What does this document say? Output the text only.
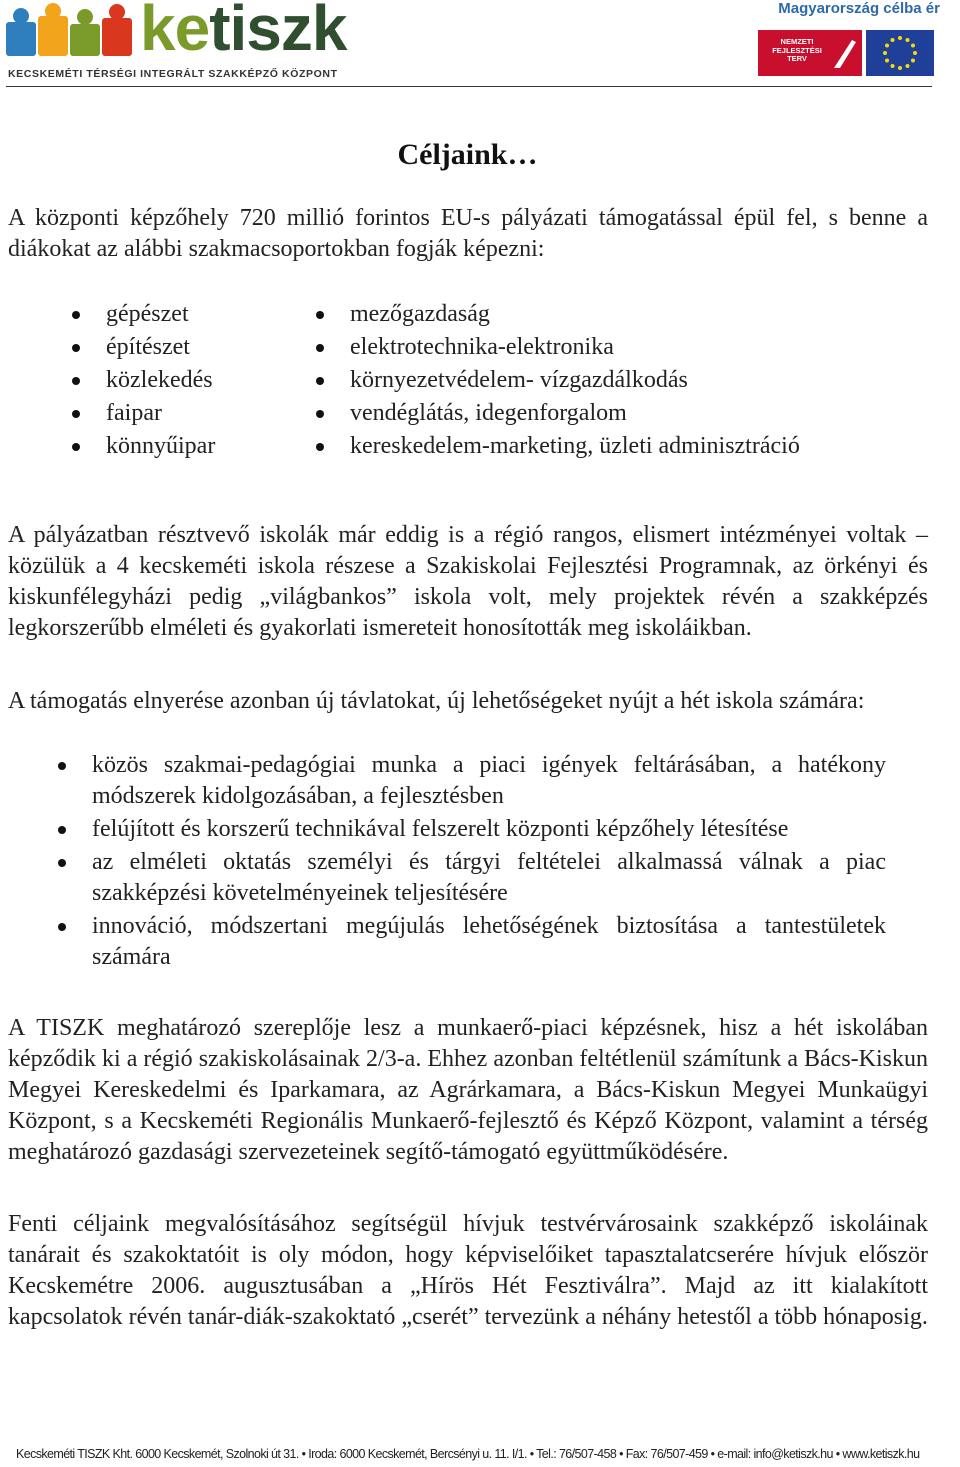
ketiszk
KECSKEMÉTI TÉRSÉGI INTEGRÁLT SZAKKÉPZŐ KÖZPONT
Magyarország célba ér
NEMZETI FEJLESZTÉSI TERV
Céljaink…

A központi képzőhely 720 millió forintos EU-s pályázati támogatással épül fel, s benne a diákokat az alábbi szakmacsoportokban fogják képezni:

gépészet
építészet
közlekedés
faipar
könnyűipar
mezőgazdaság
elektrotechnika-elektronika
környezetvédelem- vízgazdálkodás
vendéglátás, idegenforgalom
kereskedelem-marketing, üzleti adminisztráció

A pályázatban résztvevő iskolák már eddig is a régió rangos, elismert intézményei voltak – közülük a 4 kecskeméti iskola részese a Szakiskolai Fejlesztési Programnak, az örkényi és kiskunfélegyházi pedig „világbankos” iskola volt, mely projektek révén a szakképzés legkorszerűbb elméleti és gyakorlati ismereteit honosították meg iskoláikban.

A támogatás elnyerése azonban új távlatokat, új lehetőségeket nyújt a hét iskola számára:

közös szakmai-pedagógiai munka a piaci igények feltárásában, a hatékony módszerek kidolgozásában, a fejlesztésben
felújított és korszerű technikával felszerelt központi képzőhely létesítése
az elméleti oktatás személyi és tárgyi feltételei alkalmassá válnak a piac szakképzési követelményeinek teljesítésére
innováció, módszertani megújulás lehetőségének biztosítása a tantestületek számára

A TISZK meghatározó szereplője lesz a munkaerő-piaci képzésnek, hisz a hét iskolában képződik ki a régió szakiskolásainak 2/3-a. Ehhez azonban feltétlenül számítunk a Bács-Kiskun Megyei Kereskedelmi és Iparkamara, az Agrárkamara, a Bács-Kiskun Megyei Munkaügyi Központ, s a Kecskeméti Regionális Munkaerő-fejlesztő és Képző Központ, valamint a térség meghatározó gazdasági szervezeteinek segítő-támogató együttműködésére.

Fenti céljaink megvalósításához segítségül hívjuk testvérvárosaink szakképző iskoláinak tanárait és szakoktatóit is oly módon, hogy képviselőiket tapasztalatcserére hívjuk először Kecskemétre 2006. augusztusában a „Hírös Hét Fesztiválra”. Majd az itt kialakított kapcsolatok révén tanár-diák-szakoktató „cserét” tervezünk a néhány hetestől a több hónaposig.

Kecskeméti TISZK Kht. 6000 Kecskemét, Szolnoki út 31. • Iroda: 6000 Kecskemét, Bercsényi u. 11. I/1. • Tel.: 76/507-458 • Fax: 76/507-459 • e-mail: info@ketiszk.hu • www.ketiszk.hu
